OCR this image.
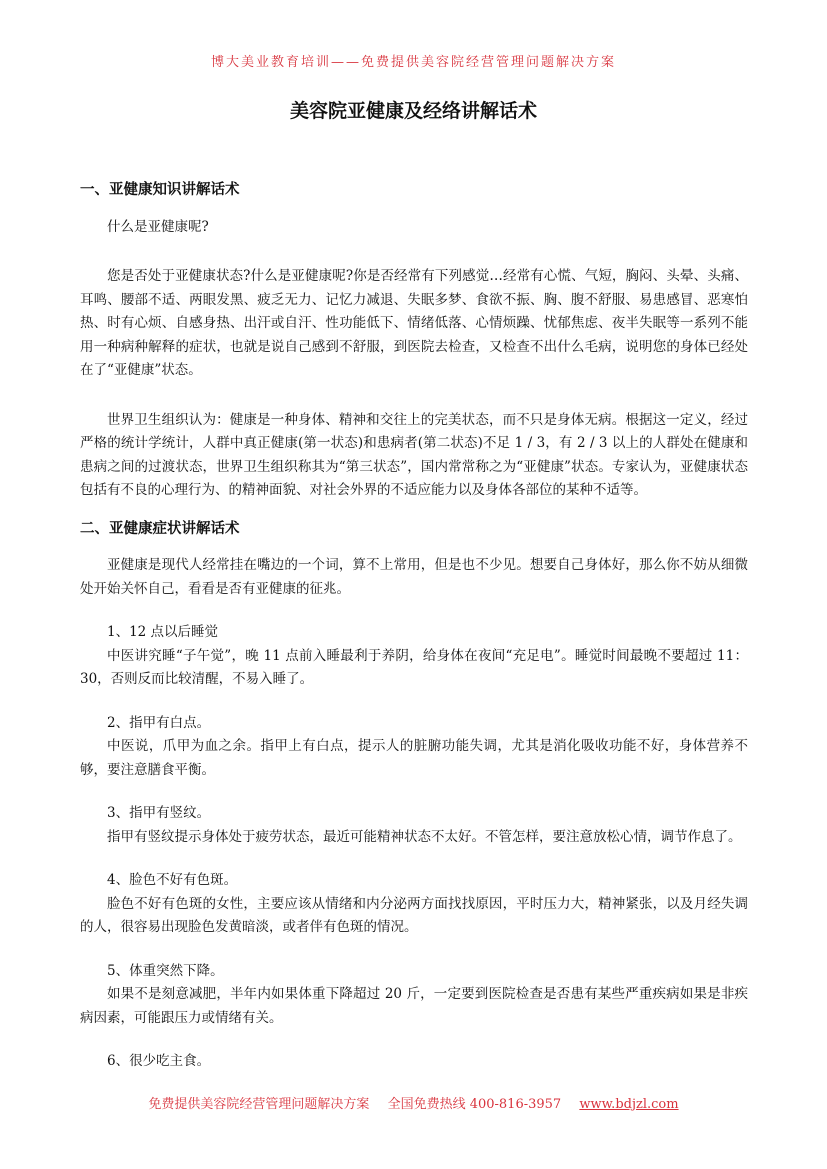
博大美业教育培训——免费提供美容院经营管理问题解决方案
美容院亚健康及经络讲解话术
一、亚健康知识讲解话术

什么是亚健康呢?

您是否处于亚健康状态?什么是亚健康呢?你是否经常有下列感觉…经常有心慌、气短，胸闷、头晕、头痛、耳鸣、腰部不适、两眼发黑、疲乏无力、记忆力减退、失眠多梦、食欲不振、胸、腹不舒服、易患感冒、恶寒怕热、时有心烦、自感身热、出汗或自汗、性功能低下、情绪低落、心情烦躁、忧郁焦虑、夜半失眠等一系列不能用一种病种解释的症状，也就是说自己感到不舒服，到医院去检查，又检查不出什么毛病，说明您的身体已经处在了“亚健康”状态。

世界卫生组织认为：健康是一种身体、精神和交往上的完美状态，而不只是身体无病。根据这一定义，经过严格的统计学统计，人群中真正健康(第一状态)和患病者(第二状态)不足 1 / 3，有 2 / 3 以上的人群处在健康和患病之间的过渡状态，世界卫生组织称其为“第三状态”，国内常常称之为“亚健康”状态。专家认为，亚健康状态包括有不良的心理行为、的精神面貌、对社会外界的不适应能力以及身体各部位的某种不适等。

二、亚健康症状讲解话术

亚健康是现代人经常挂在嘴边的一个词，算不上常用，但是也不少见。想要自己身体好，那么你不妨从细微处开始关怀自己，看看是否有亚健康的征兆。

1、12 点以后睡觉

中医讲究睡“子午觉”，晚 11 点前入睡最利于养阴，给身体在夜间“充足电”。睡觉时间最晚不要超过 11：30，否则反而比较清醒，不易入睡了。

2、指甲有白点。

中医说，爪甲为血之余。指甲上有白点，提示人的脏腑功能失调，尤其是消化吸收功能不好，身体营养不够，要注意膳食平衡。

3、指甲有竖纹。

指甲有竖纹提示身体处于疲劳状态，最近可能精神状态不太好。不管怎样，要注意放松心情，调节作息了。

4、脸色不好有色斑。

脸色不好有色斑的女性，主要应该从情绪和内分泌两方面找找原因，平时压力大，精神紧张，以及月经失调的人，很容易出现脸色发黄暗淡，或者伴有色斑的情况。

5、体重突然下降。

如果不是刻意减肥，半年内如果体重下降超过 20 斤，一定要到医院检查是否患有某些严重疾病如果是非疾病因素，可能跟压力或情绪有关。

6、很少吃主食。

免费提供美容院经营管理问题解决方案 全国免费热线 400-816-3957 www.bdjzl.com
